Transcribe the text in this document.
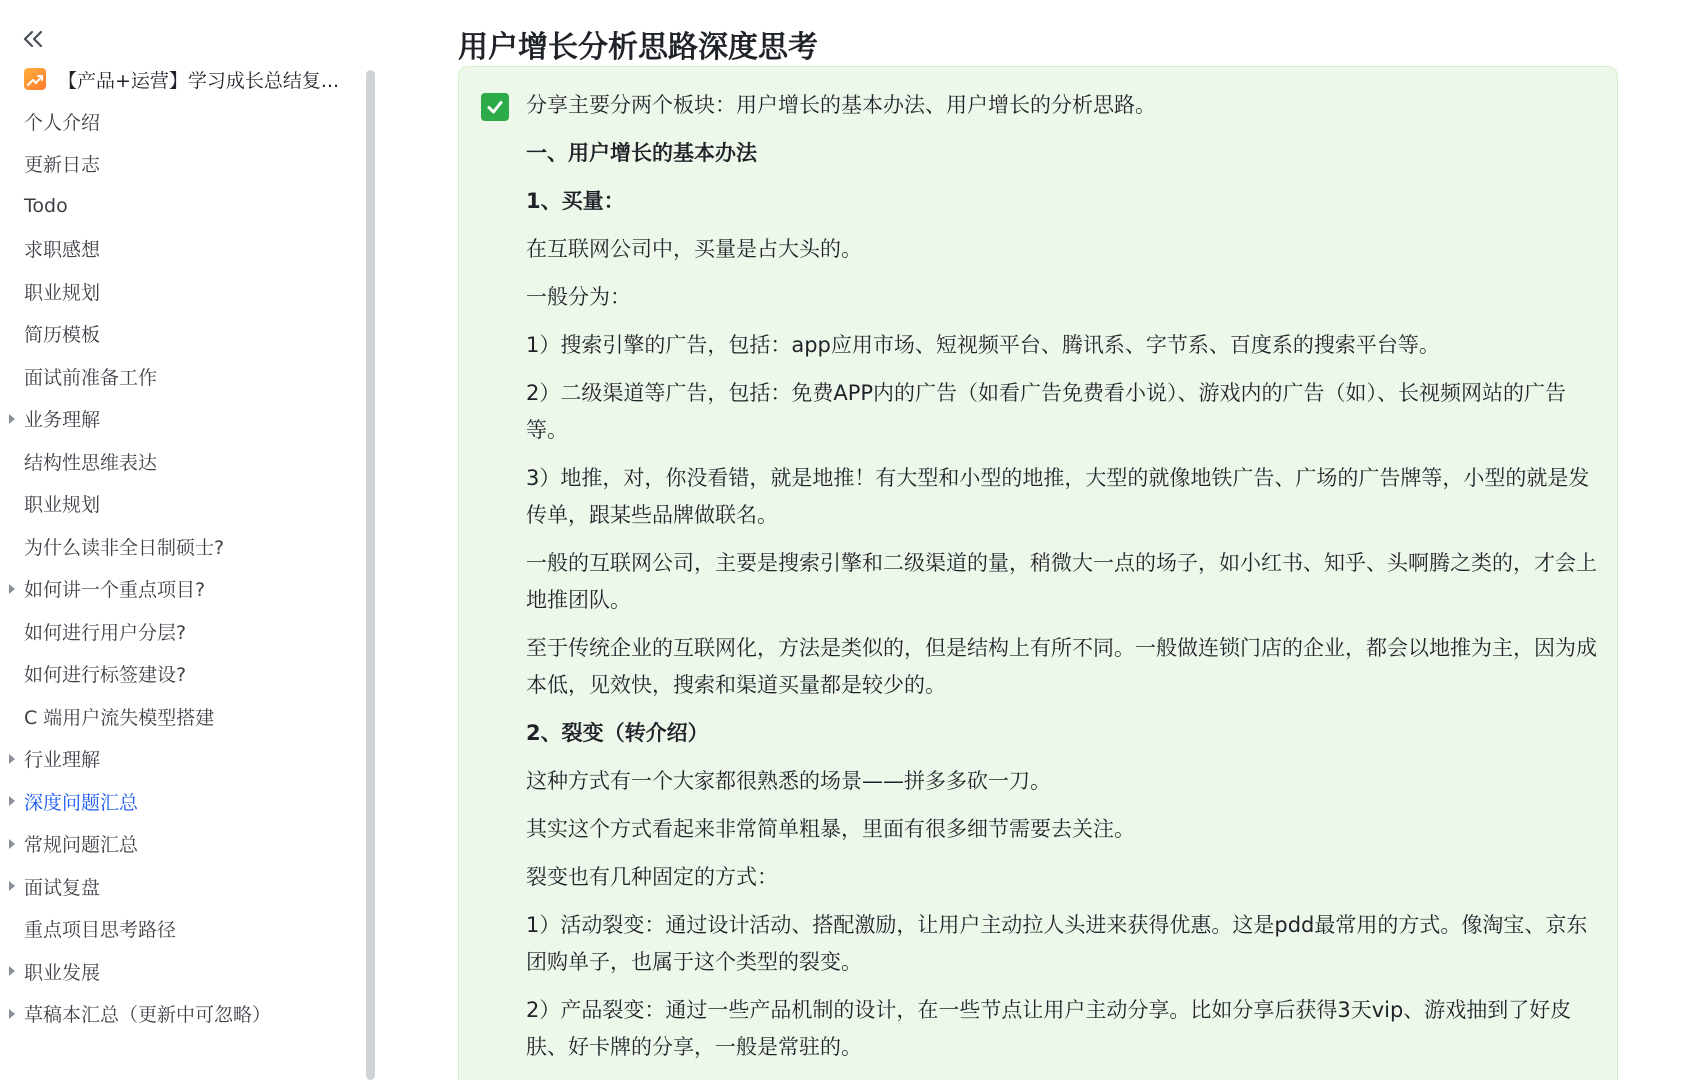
【产品+运营】学习成长总结复...
个人介绍
更新日志
Todo
求职感想
职业规划
简历模板
面试前准备工作
业务理解
结构性思维表达
职业规划
为什么读非全日制硕士?
如何讲一个重点项目?
如何进行用户分层?
如何进行标签建设?
C 端用户流失模型搭建
行业理解
深度问题汇总
常规问题汇总
面试复盘
重点项目思考路径
职业发展
草稿本汇总（更新中可忽略）
用户增长分析思路深度思考

分享主要分两个板块：用户增长的基本办法、用户增长的分析思路。

一、用户增长的基本办法

1、买量：

在互联网公司中，买量是占大头的。

一般分为：

1）搜索引擎的广告，包括：app应用市场、短视频平台、腾讯系、字节系、百度系的搜索平台等。

2）二级渠道等广告，包括：免费APP内的广告（如看广告免费看小说）、游戏内的广告（如）、长视频网站的广告等。

3）地推，对，你没看错，就是地推！有大型和小型的地推，大型的就像地铁广告、广场的广告牌等，小型的就是发传单，跟某些品牌做联名。

一般的互联网公司，主要是搜索引擎和二级渠道的量，稍微大一点的场子，如小红书、知乎、头啊腾之类的，才会上地推团队。

至于传统企业的互联网化，方法是类似的，但是结构上有所不同。一般做连锁门店的企业，都会以地推为主，因为成本低，见效快，搜索和渠道买量都是较少的。

2、裂变（转介绍）

这种方式有一个大家都很熟悉的场景——拼多多砍一刀。

其实这个方式看起来非常简单粗暴，里面有很多细节需要去关注。

裂变也有几种固定的方式：

1）活动裂变：通过设计活动、搭配激励，让用户主动拉人头进来获得优惠。这是pdd最常用的方式。像淘宝、京东团购单子，也属于这个类型的裂变。

2）产品裂变：通过一些产品机制的设计，在一些节点让用户主动分享。比如分享后获得3天vip、游戏抽到了好皮肤、好卡牌的分享，一般是常驻的。
